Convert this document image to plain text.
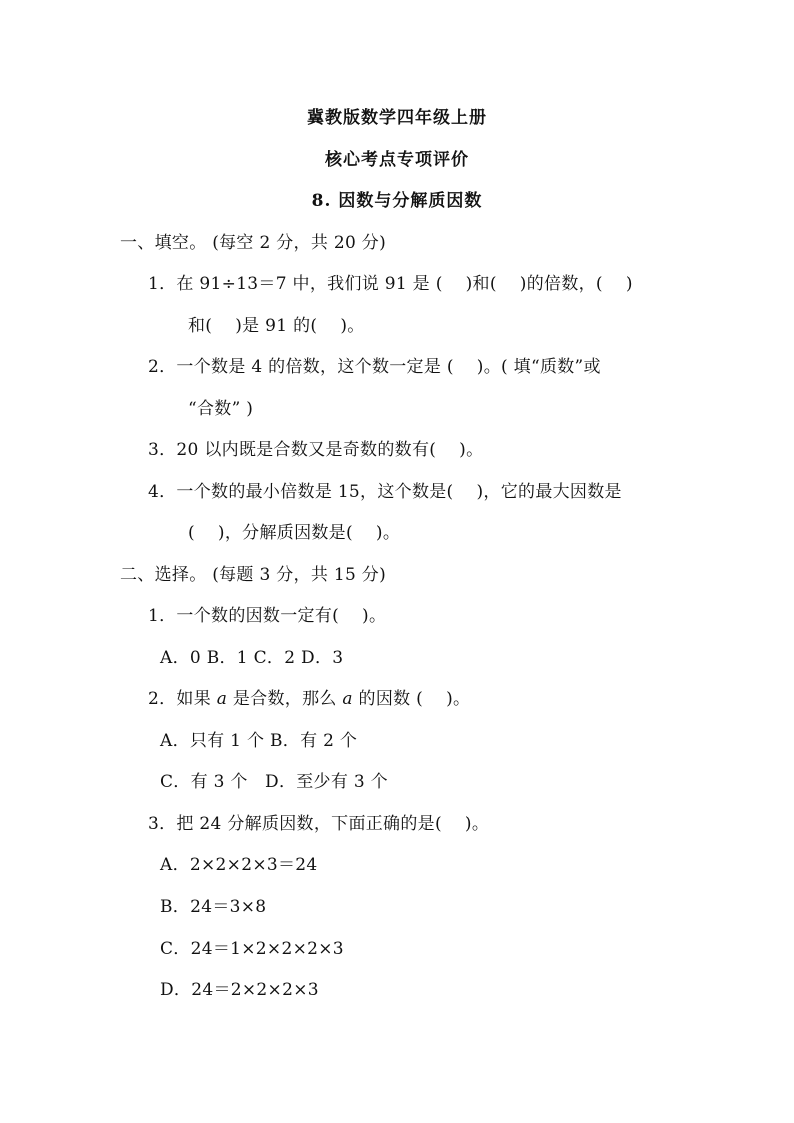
冀教版数学四年级上册
核心考点专项评价
8. 因数与分解质因数
一、填空。 (每空 2 分，共 20 分)
1．在 91÷13＝7 中，我们说 91 是 (　 )和(　 )的倍数，(　 )
和(　 )是 91 的(　 )。
2．一个数是 4 的倍数，这个数一定是 (　 )。( 填“质数”或
“合数” )
3．20 以内既是合数又是奇数的数有(　 )。
4．一个数的最小倍数是 15，这个数是(　 )，它的最大因数是
(　 )，分解质因数是(　 )。
二、选择。 (每题 3 分，共 15 分)
1．一个数的因数一定有(　 )。
A．0 B．1 C．2 D．3
2．如果 a 是合数，那么 a 的因数 (　 )。
A．只有 1 个 B．有 2 个
C．有 3 个　D．至少有 3 个
3．把 24 分解质因数，下面正确的是(　 )。
A．2×2×2×3＝24
B．24＝3×8
C．24＝1×2×2×2×3
D．24＝2×2×2×3
